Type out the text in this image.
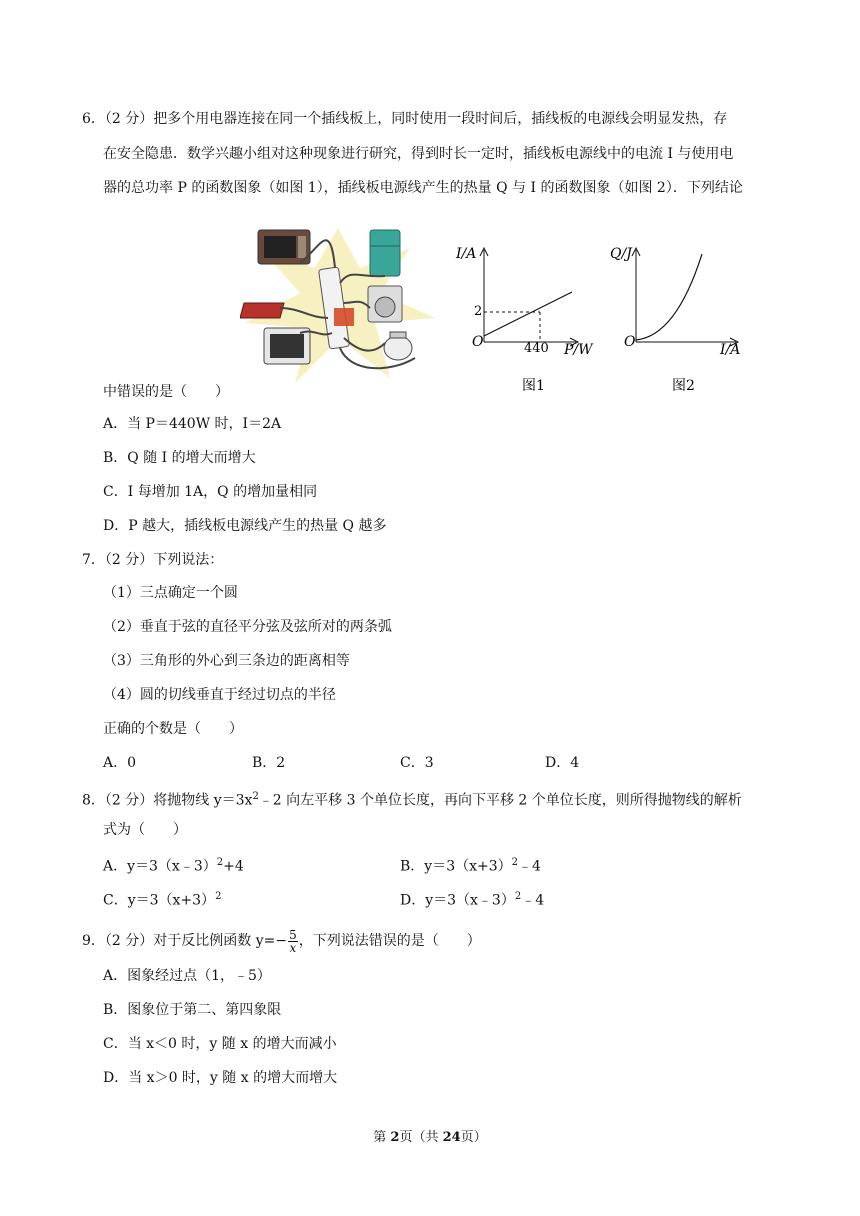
6．（2 分）把多个用电器连接在同一个插线板上，同时使用一段时间后，插线板的电源线会明显发热，存
在安全隐患．数学兴趣小组对这种现象进行研究，得到时长一定时，插线板电源线中的电流 I 与使用电
器的总功率 P 的函数图象（如图 1），插线板电源线产生的热量 Q 与 I 的函数图象（如图 2）．下列结论
I/A
O
2
440 P/W
图1
Q/J
O	I/A
图2
中错误的是（　　）
A．当 P＝440W 时，I＝2A
B．Q 随 I 的增大而增大
C．I 每增加 1A，Q 的增加量相同
D．P 越大，插线板电源线产生的热量 Q 越多
7．（2 分）下列说法：
（1）三点确定一个圆
（2）垂直于弦的直径平分弦及弦所对的两条弧
（3）三角形的外心到三条边的距离相等
（4）圆的切线垂直于经过切点的半径
正确的个数是（　　）
A．0	B．2	C．3	D．4
8．（2 分）将抛物线 $y=3x^2﹣2$ 向左平移 3 个单位长度，再向下平移 2 个单位长度，则所得抛物线的解析
式为（　　）
A．y＝3（x﹣3）$^2$+4	B．$y=3(x+3)^2﹣4$
C．$y=3(x+3)^2$	D．y＝3（x﹣3）$^2$﹣4
9．（2 分）对于反比例函数 $y=- \frac{5}{x}$ ，下列说法错误的是（　　）
A．图象经过点（1，﹣5）
B．图象位于第二、第四象限
C．当 x＜0 时，y 随 x 的增大而减小
D．当 x＞0 时，y 随 x 的增大而增大
第 2页（共 24页）
